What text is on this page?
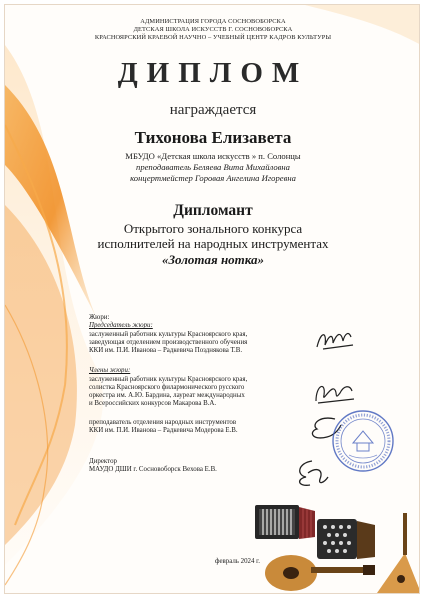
АДМИНИСТРАЦИЯ ГОРОДА СОСНОВОБОРСКА

ДЕТСКАЯ ШКОЛА ИСКУССТВ Г. СОСНОВОБОРСКА

КРАСНОЯРСКИЙ КРАЕВОЙ НАУЧНО – УЧЕБНЫЙ ЦЕНТР КАДРОВ КУЛЬТУРЫ

ДИПЛОМ

награждается

Тихонова Елизавета

МБУДО «Детская школа искусств » п. Солонцы

преподаватель Беляева Вита Михайловна

концертмейстер Горовая Ангелина Игоревна

Дипломант

Открытого зонального конкурса

исполнителей на народных инструментах

«Золотая нотка»

Жюри:

Председатель жюри:

заслуженный работник культуры Красноярского края,

заведующая отделением производственного обучения

ККИ им. П.И. Иванова – Радкевича Позднякова Т.В.

Члены жюри:

заслуженный работник культуры Красноярского края,

солистка Красноярского филармонического русского

оркестра им. А.Ю. Бардина, лауреат международных

и Всероссийских конкурсов Макарова В.А.

преподаватель отделения народных инструментов

ККИ им. П.И. Иванова – Радкевича Модерова Е.В.

Директор

МАУДО ДШИ г. Сосновоборск Вехова Е.В.

февраль 2024 г.
